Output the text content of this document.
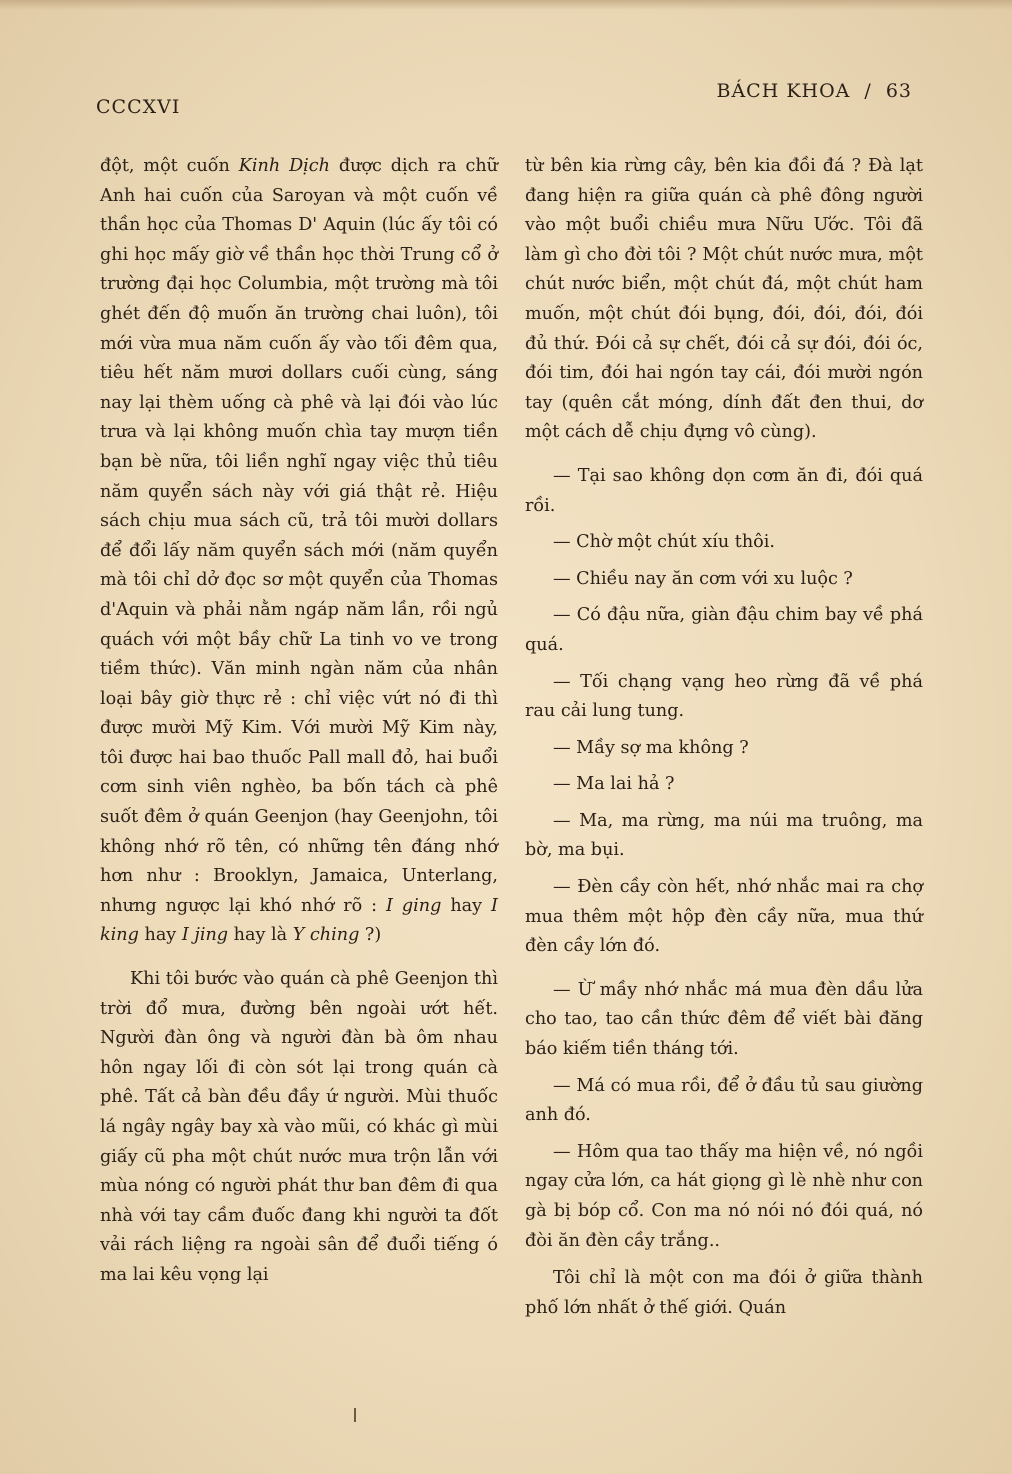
CCCXVI
BÁCH KHOA / 63

đột, một cuốn Kinh Dịch được dịch ra chữ Anh hai cuốn của Saroyan và một cuốn về thần học của Thomas D' Aquin (lúc ấy tôi có ghi học mấy giờ về thần học thời Trung cổ ở trường đại học Columbia, một trường mà tôi ghét đến độ muốn ăn trường chai luôn), tôi mới vừa mua năm cuốn ấy vào tối đêm qua, tiêu hết năm mươi dollars cuối cùng, sáng nay lại thèm uống cà phê và lại đói vào lúc trưa và lại không muốn chìa tay mượn tiền bạn bè nữa, tôi liền nghĩ ngay việc thủ tiêu năm quyển sách này với giá thật rẻ. Hiệu sách chịu mua sách cũ, trả tôi mười dollars để đổi lấy năm quyển sách mới (năm quyển mà tôi chỉ dở đọc sơ một quyển của Thomas d'Aquin và phải nằm ngáp năm lần, rồi ngủ quách với một bầy chữ La tinh vo ve trong tiềm thức). Văn minh ngàn năm của nhân loại bây giờ thực rẻ : chỉ việc vứt nó đi thì được mười Mỹ Kim. Với mười Mỹ Kim này, tôi được hai bao thuốc Pall mall đỏ, hai buổi cơm sinh viên nghèo, ba bốn tách cà phê suốt đêm ở quán Geenjon (hay Geenjohn, tôi không nhớ rõ tên, có những tên đáng nhớ hơn như : Brooklyn, Jamaica, Unterlang, nhưng ngược lại khó nhớ rõ : I ging hay I king hay I jing hay là Y ching ?)

Khi tôi bước vào quán cà phê Geenjon thì trời đổ mưa, đường bên ngoài ướt hết. Người đàn ông và người đàn bà ôm nhau hôn ngay lối đi còn sót lại trong quán cà phê. Tất cả bàn đều đầy ứ người. Mùi thuốc lá ngây ngây bay xà vào mũi, có khác gì mùi giấy cũ pha một chút nước mưa trộn lẫn với mùa nóng có người phát thư ban đêm đi qua nhà với tay cầm đuốc đang khi người ta đốt vải rách liệng ra ngoài sân để đuổi tiếng ó ma lai kêu vọng lại

từ bên kia rừng cây, bên kia đồi đá ? Đà lạt đang hiện ra giữa quán cà phê đông người vào một buổi chiều mưa Nữu Ước. Tôi đã làm gì cho đời tôi ? Một chút nước mưa, một chút nước biển, một chút đá, một chút ham muốn, một chút đói bụng, đói, đói, đói, đói đủ thứ. Đói cả sự chết, đói cả sự đói, đói óc, đói tim, đói hai ngón tay cái, đói mười ngón tay (quên cắt móng, dính đất đen thui, dơ một cách dễ chịu đựng vô cùng).

— Tại sao không dọn cơm ăn đi, đói quá rồi.

— Chờ một chút xíu thôi.

— Chiều nay ăn cơm với xu luộc ?

— Có đậu nữa, giàn đậu chim bay về phá quá.

— Tối chạng vạng heo rừng đã về phá rau cải lung tung.

— Mầy sợ ma không ?

— Ma lai hả ?

— Ma, ma rừng, ma núi ma truông, ma bờ, ma bụi.

— Đèn cầy còn hết, nhớ nhắc mai ra chợ mua thêm một hộp đèn cầy nữa, mua thứ đèn cầy lớn đó.

— Ừ mầy nhớ nhắc má mua đèn dầu lửa cho tao, tao cần thức đêm để viết bài đăng báo kiếm tiền tháng tới.

— Má có mua rồi, để ở đầu tủ sau giường anh đó.

— Hôm qua tao thấy ma hiện về, nó ngồi ngay cửa lớn, ca hát giọng gì lè nhè như con gà bị bóp cổ. Con ma nó nói nó đói quá, nó đòi ăn đèn cầy trắng..

Tôi chỉ là một con ma đói ở giữa thành phố lớn nhất ở thế giới. Quán
